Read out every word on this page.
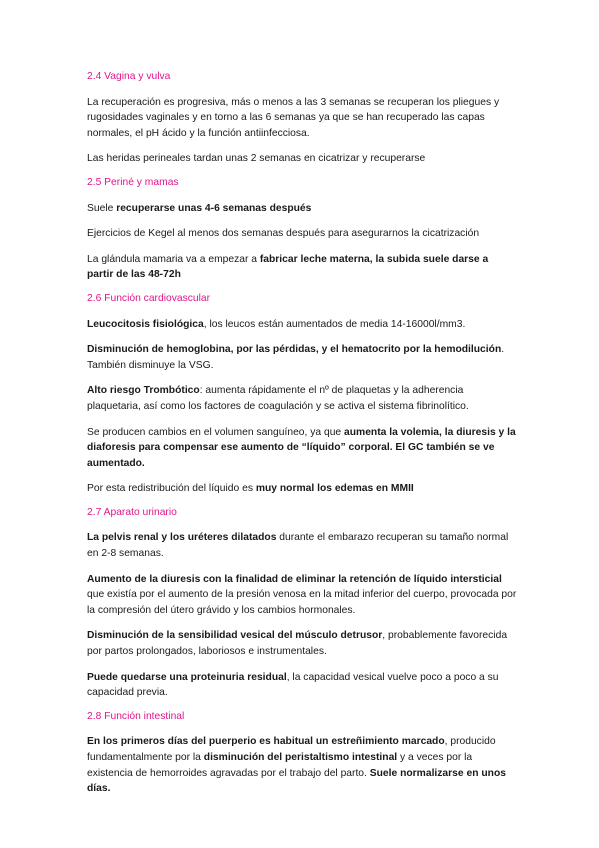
2.4 Vagina y vulva
La recuperación es progresiva, más o menos a las 3 semanas se recuperan los pliegues y rugosidades vaginales y en torno a las 6 semanas ya que se han recuperado las capas normales, el pH ácido y la función antiinfecciosa.
Las heridas perineales tardan unas 2 semanas en cicatrizar y recuperarse
2.5 Periné y mamas
Suele recuperarse unas 4-6 semanas después
Ejercicios de Kegel al menos dos semanas después para asegurarnos la cicatrización
La glándula mamaria va a empezar a fabricar leche materna, la subida suele darse a partir de las 48-72h
2.6 Función cardiovascular
Leucocitosis fisiológica, los leucos están aumentados de media 14-16000l/mm3.
Disminución de hemoglobina, por las pérdidas, y el hematocrito por la hemodilución. También disminuye la VSG.
Alto riesgo Trombótico: aumenta rápidamente el nº de plaquetas y la adherencia plaquetaria, así como los factores de coagulación y se activa el sistema fibrinolítico.
Se producen cambios en el volumen sanguíneo, ya que aumenta la volemia, la diuresis y la diaforesis para compensar ese aumento de “líquido” corporal. El GC también se ve aumentado.
Por esta redistribución del líquido es muy normal los edemas en MMII
2.7 Aparato urinario
La pelvis renal y los uréteres dilatados durante el embarazo recuperan su tamaño normal en 2-8 semanas.
Aumento de la diuresis con la finalidad de eliminar la retención de líquido intersticial que existía por el aumento de la presión venosa en la mitad inferior del cuerpo, provocada por la compresión del útero grávido y los cambios hormonales.
Disminución de la sensibilidad vesical del músculo detrusor, probablemente favorecida por partos prolongados, laboriosos e instrumentales.
Puede quedarse una proteinuria residual, la capacidad vesical vuelve poco a poco a su capacidad previa.
2.8 Función intestinal
En los primeros días del puerperio es habitual un estreñimiento marcado, producido fundamentalmente por la disminución del peristaltismo intestinal y a veces por la existencia de hemorroides agravadas por el trabajo del parto. Suele normalizarse en unos días.
